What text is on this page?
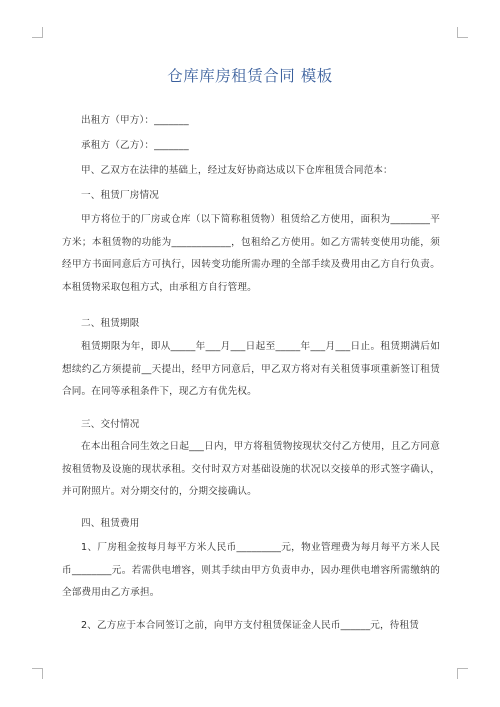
仓库库房租赁合同 模板
出租方（甲方）：_______
承租方（乙方）：_______
甲、乙双方在法律的基础上，经过友好协商达成以下仓库租赁合同范本：
一、租赁厂房情况
甲方将位于的厂房或仓库（以下简称租赁物）租赁给乙方使用，面积为________平方米；本租赁物的功能为____________，包租给乙方使用。如乙方需转变使用功能，须经甲方书面同意后方可执行，因转变功能所需办理的全部手续及费用由乙方自行负责。本租赁物采取包租方式，由承租方自行管理。
二、租赁期限
租赁期限为年，即从_____年___月___日起至_____年___月___日止。租赁期满后如想续约乙方须提前__天提出，经甲方同意后，甲乙双方将对有关租赁事项重新签订租赁合同。在同等承租条件下，现乙方有优先权。
三、交付情况
在本出租合同生效之日起___日内，甲方将租赁物按现状交付乙方使用，且乙方同意按租赁物及设施的现状承租。交付时双方对基础设施的状况以交接单的形式签字确认，并可附照片。对分期交付的，分期交接确认。
四、租赁费用
1、厂房租金按每月每平方米人民币_________元，物业管理费为每月每平方米人民币________元。若需供电增容，则其手续由甲方负责申办，因办理供电增容所需缴纳的全部费用由乙方承担。
2、乙方应于本合同签订之前，向甲方支付租赁保证金人民币______元，待租赁
